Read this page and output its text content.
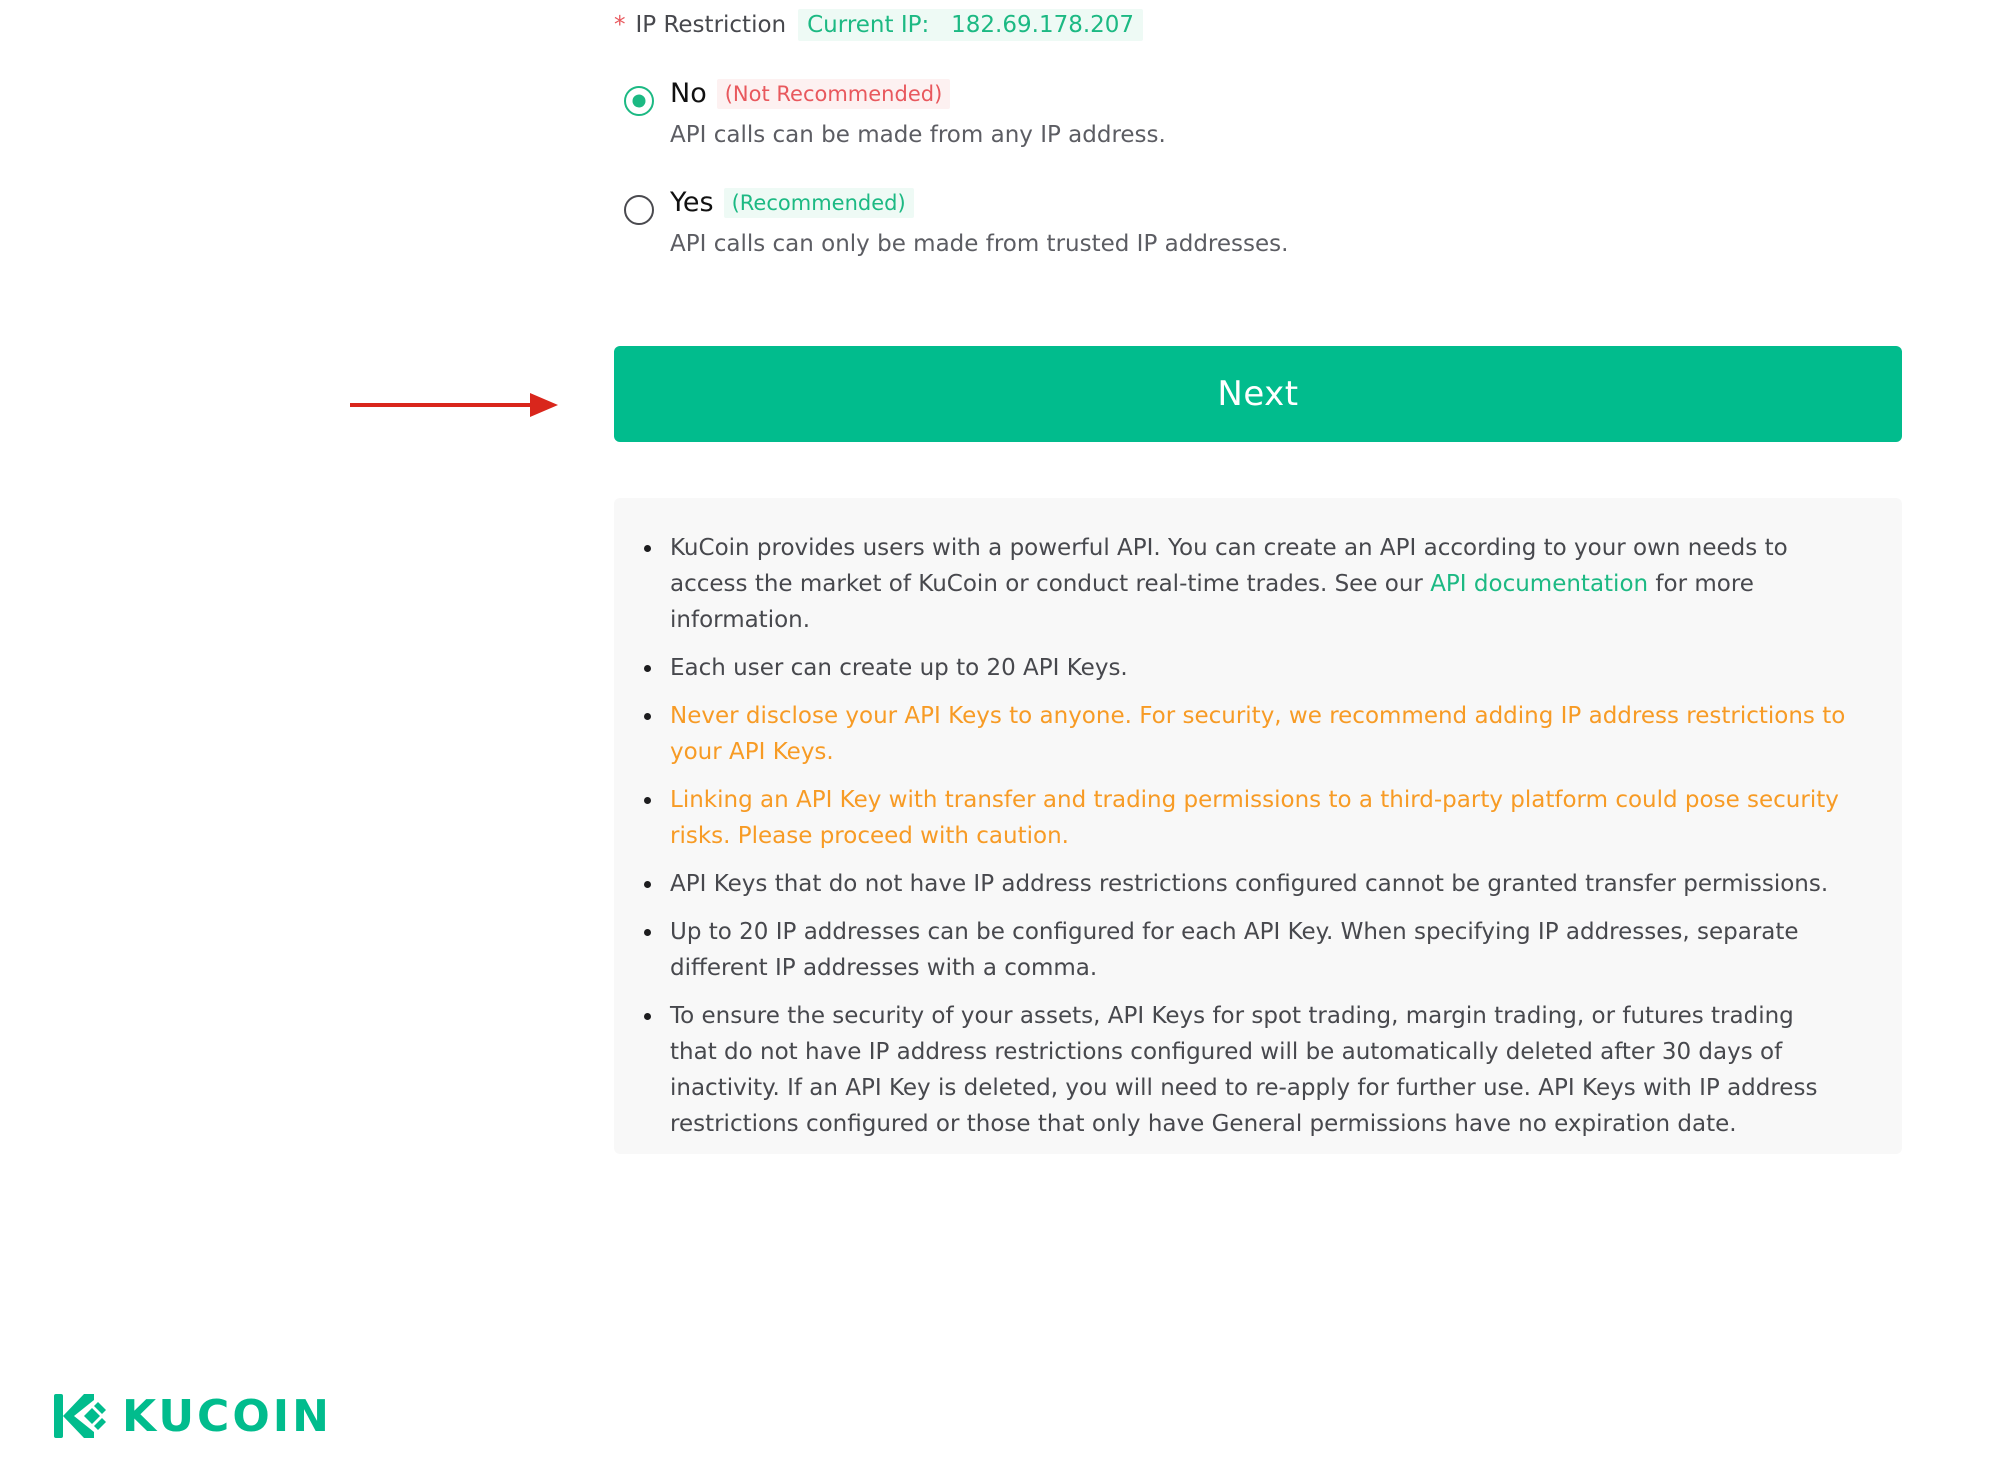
* IP Restriction Current IP:   182.69.178.207
No (Not Recommended)
API calls can be made from any IP address.
Yes (Recommended)
API calls can only be made from trusted IP addresses.
Next
KuCoin provides users with a powerful API. You can create an API according to your own needs to access the market of KuCoin or conduct real-time trades. See our API documentation for more information.
Each user can create up to 20 API Keys.
Never disclose your API Keys to anyone. For security, we recommend adding IP address restrictions to your API Keys.
Linking an API Key with transfer and trading permissions to a third-party platform could pose security risks. Please proceed with caution.
API Keys that do not have IP address restrictions configured cannot be granted transfer permissions.
Up to 20 IP addresses can be configured for each API Key. When specifying IP addresses, separate different IP addresses with a comma.
To ensure the security of your assets, API Keys for spot trading, margin trading, or futures trading that do not have IP address restrictions configured will be automatically deleted after 30 days of inactivity. If an API Key is deleted, you will need to re-apply for further use. API Keys with IP address restrictions configured or those that only have General permissions have no expiration date.
KUCOIN
